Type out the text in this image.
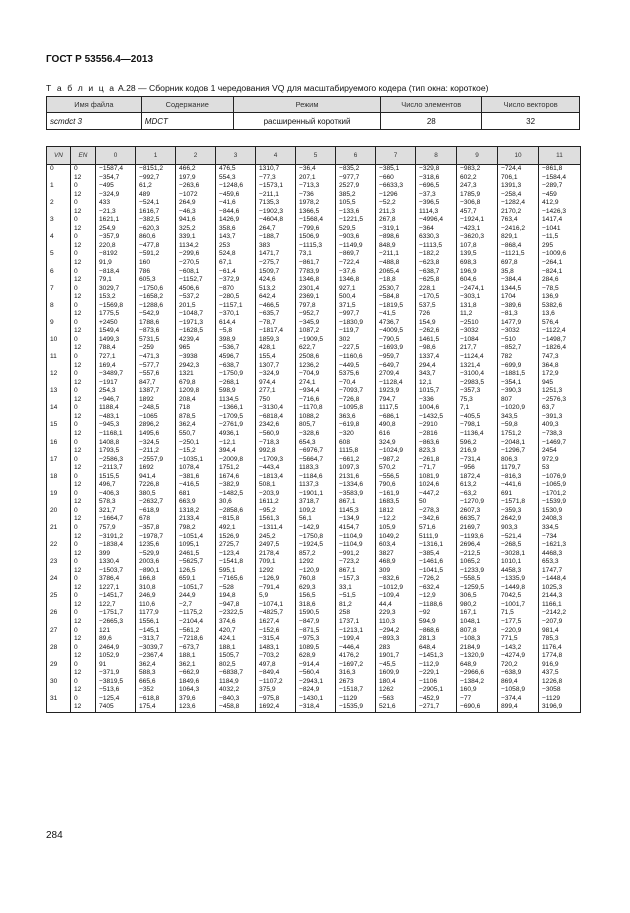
ГОСТ Р 53556.4—2013
Т а б л и ц а A.28 — Сборник кодов 1 чередования VQ для масштабируемого кодера (тип окна: короткое)
Имя файла	Содержание	Режим	Число элементов	Число векторов
scmdct 3	MDCT	расширенный короткий	28	32
VN	EN	0	1	2	3	4	5	6	7	8	9	10	11
0	0	−1587,4	−8151,2	466,2	476,5	1310,7	−36,4	−835,2	−385,1	−329,8	−983,2	−724,4	−861,8
	12	−354,7	−992,7	197,9	554,3	−77,3	207,1	−977,7	−660	−318,6	602,2	706,1	−1584,4
1	0	−495	61,2	−263,6	−1248,6	−1573,1	−713,3	2527,9	−6633,3	−696,5	247,3	1391,3	−289,7
	12	−324,9	489	−1072	−459,6	−211,1	−736	385,2	−1296	−37,3	1785,9	−258,4	−459
2	0	433	−524,1	264,9	−41,6	7135,3	1978,2	105,5	−52,2	−396,5	−306,8	−1282,4	412,9
	12	−21,3	1616,7	−46,3	−844,6	−1902,3	1366,5	−133,6	211,3	1114,3	457,7	2170,2	−1426,3
3	0	1621,1	−382,5	941,6	1426,9	−4604,8	−1568,4	−1221,5	267,8	−4996,4	−1924,1	763,4	1417,4
	12	254,9	−620,3	325,2	358,6	264,7	−799,6	529,5	−319,1	−364	−423,1	−2416,2	−1041
4	0	−357,9	860,6	339,1	143,7	−188,7	1506,9	−903,6	−898,6	6330,3	−3620,3	829,1	−11,5
	12	220,8	−477,8	1134,2	253	383	−1115,3	−1149,9	848,9	−1113,5	107,8	−868,4	295
5	0	−8192	−591,2	−299,6	524,8	1471,7	73,1	−869,7	−211,1	−182,2	139,5	−1121,5	−1009,6
	12	91,9	160	−270,5	67,1	−275,7	−861,7	−722,4	−488,8	−623,8	698,3	697,8	−264,1
6	0	−818,4	786	−608,1	−61,4	1509,7	7783,9	−37,6	2065,4	−638,7	196,9	35,8	−824,1
	12	79,1	605,3	−1152,7	−372,9	424,6	1346,8	1346,8	−18,8	−625,8	604,6	−384,4	284,6
7	0	3029,7	−1750,6	4506,6	−870	513,2	2301,4	927,1	2530,7	228,1	−2474,1	1344,5	−78,5
	12	153,2	−1658,2	−537,2	−280,5	642,4	2369,1	500,4	−584,8	−170,5	−303,1	1704	136,9
8	0	−1569,8	−1288,6	201,5	−1157,1	−466,5	797,8	371,5	−1819,5	537,5	131,8	−389,6	5382,6
	12	1775,5	−542,9	−1048,7	−370,1	−635,7	−952,7	−997,7	−41,5	726	11,2	−81,3	13,6
9	0	+2450	1788,6	−1971,3	614,4	−78,7	−345,9	−1830,9	4736,7	154,9	−2510	1477,9	576,4
	12	1549,4	−873,6	−1628,5	−5,8	−1817,4	1087,2	−119,7	−4009,5	−262,6	−3032	−3032	−1122,4
10	0	1499,3	5731,5	4239,4	398,9	1859,3	−1909,5	302	−790,5	1461,5	−1084	−510	−1498,7
	12	788,4	−259	965	−536,7	428,1	622,7	−227,5	−1693,9	−98,6	217,7	−852,7	−1826,4
11	0	727,1	−471,3	−3938	4596,7	155,4	2508,6	−1160,6	−959,7	1337,4	−1124,4	782	747,3
	12	169,4	−577,7	2942,3	−638,7	1307,7	1236,2	−449,5	−649,7	294,4	1321,4	−699,9	364,8
12	0	−3489,7	−557,6	1321	−1750,9	−324,9	−704,9	5375,6	2709,4	343,7	−3100,4	−1881,5	172,9
	12	−1917	847,7	679,8	−268,1	974,4	274,1	−70,4	−1128,4	12,1	−2983,5	−354,1	945
13	0	254,3	1387,7	1209,8	598,9	277,1	−934,4	−7093,7	1923,9	1015,7	−357,3	−390,3	1251,3
	12	−946,7	1892	208,4	1134,5	750	−716,6	−726,8	794,7	−336	75,3	807	−2576,3
14	0	1188,4	−248,5	718	−1366,1	−3130,4	−1170,8	−1095,8	1117,5	1004,6	7,1	−1020,9	63,7
	12	−483,1	−1065	878,5	−1709,5	−6818,4	1088,2	363,6	−686,1	−1432,5	−405,5	343,5	−391,3
15	0	−945,3	2896,2	362,4	−2761,9	2342,6	805,7	−619,8	490,8	−2910	−798,1	−59,8	409,3
	12	−1168,1	1495,6	550,7	4936,1	−560,9	−328,6	−320	616	−2816	−1136,4	1751,2	−738,3
16	0	1408,8	−324,5	−250,1	−12,1	−718,3	654,3	608	324,9	−863,6	596,2	−2048,1	−1469,7
	12	1793,5	−211,2	−15,2	394,4	992,8	−6976,7	1115,8	−1024,9	823,3	216,9	−1296,7	2454
17	0	−2586,3	−2557,9	−1035,1	−2009,8	−1709,3	−5664,7	−661,2	−987,2	−261,8	−731,4	806,3	972,9
	12	−2113,7	1692	1078,4	1751,2	−443,4	1183,3	1097,3	570,2	−71,7	−956	1179,7	53
18	0	1515,5	941,4	−381,6	1674,6	−1813,4	−1184,6	2131,6	−556,5	1081,9	1872,4	−816,3	−1076,9
	12	496,7	7226,8	−416,5	−382,9	508,1	1137,3	−1334,6	790,6	1024,6	613,2	−441,6	−1065,9
19	0	−406,3	380,5	681	−1482,5	−203,9	−1901,1	−3583,9	−161,9	−447,2	−63,2	691	−1701,2
	12	578,3	−2632,7	663,9	30,6	1611,2	3718,7	867,1	1683,5	50	−1270,9	−1571,8	−1539,9
20	0	321,7	−618,9	1318,2	−2858,6	−95,2	109,2	1145,3	1812	−278,3	2607,3	−359,3	1530,9
	12	−1664,7	678	2133,4	−815,8	1561,3	56,1	−134,9	−12,2	−342,6	6635,7	2642,9	2408,3
21	0	757,9	−357,8	798,2	492,1	−1311,4	−142,9	4154,7	105,9	571,6	2169,7	903,3	334,5
	12	−3191,2	−1978,7	−1051,4	1526,9	245,2	−1750,8	−1104,9	1049,2	5111,9	−1193,6	−521,4	−734
22	0	−1838,4	1235,6	1095,1	2725,7	2497,5	−1924,5	−1104,9	603,4	−1316,1	2696,4	−268,5	−1621,3
	12	399	−529,9	2461,5	−123,4	2178,4	857,2	−991,2	3827	−385,4	−212,5	−3028,1	4468,3
23	0	1330,4	2003,6	−5625,7	−1541,8	709,1	1292	−723,2	468,9	−1461,6	1065,2	1010,1	653,3
	12	−1503,7	−890,1	126,5	595,1	1292	−120,9	867,1	309	−1041,5	−1233,9	4458,3	1747,7
24	0	3786,4	166,8	659,1	−7165,6	−126,9	760,8	−157,3	−832,6	−726,2	−558,5	−1335,9	−1448,4
	12	1227,1	310,8	−1051,7	−528	−791,4	629,3	33,1	−1012,9	−632,4	−1259,5	−1449,8	1025,3
25	0	−1451,7	246,9	244,9	194,8	5,9	156,5	−51,5	−109,4	−12,9	306,5	7042,5	2144,3
	12	122,7	110,6	−2,7	−947,8	−1074,1	318,6	81,2	44,4	−1188,6	980,2	−1001,7	1166,1
26	0	−1751,7	1177,9	−1175,2	−2322,5	−4825,7	1590,5	258	229,3	−92	167,1	71,5	−2142,2
	12	−2665,3	1556,1	−2104,4	374,6	1627,4	−847,9	1737,1	110,3	594,9	1048,1	−177,5	−207,9
27	0	121	−145,1	−561,2	420,7	−152,6	−871,5	−1213,1	−294,2	−868,6	807,8	−220,9	981,4
	12	89,6	−313,7	−7218,6	424,1	−315,4	−975,3	−199,4	−893,3	281,3	−108,3	771,5	785,3
28	0	2464,9	−3039,7	−673,7	188,1	1483,1	1089,5	−446,4	283	648,4	2184,9	−143,2	1176,4
	12	1052,9	−2367,4	188,1	1505,7	−703,2	628,9	4176,2	1901,7	−1451,3	−1320,9	−4274,9	1774,8
29	0	91	362,4	362,1	802,5	497,8	−914,4	−1697,2	−45,5	−112,9	648,9	720,2	916,9
	12	−371,9	588,3	−662,9	−6838,7	−849,4	−560,4	316,3	1609,9	−229,1	−2966,6	−638,9	437,5
30	0	−3819,5	665,6	1849,6	1184,9	−1107,2	−2943,1	2673	180,4	−1106	−1384,2	869,4	1226,8
	12	−513,6	−352	1064,3	4032,2	375,9	−824,9	−1518,7	1262	−2905,1	160,9	−1058,9	−3058
31	0	−125,4	−618,8	379,6	−840,3	−975,8	−1430,1	−1129	−563	−452,9	−77	−374,4	−1129
	12	7405	175,4	123,6	−458,8	1692,4	−318,4	−1535,9	521,6	−271,7	−690,6	899,4	3196,9
284
